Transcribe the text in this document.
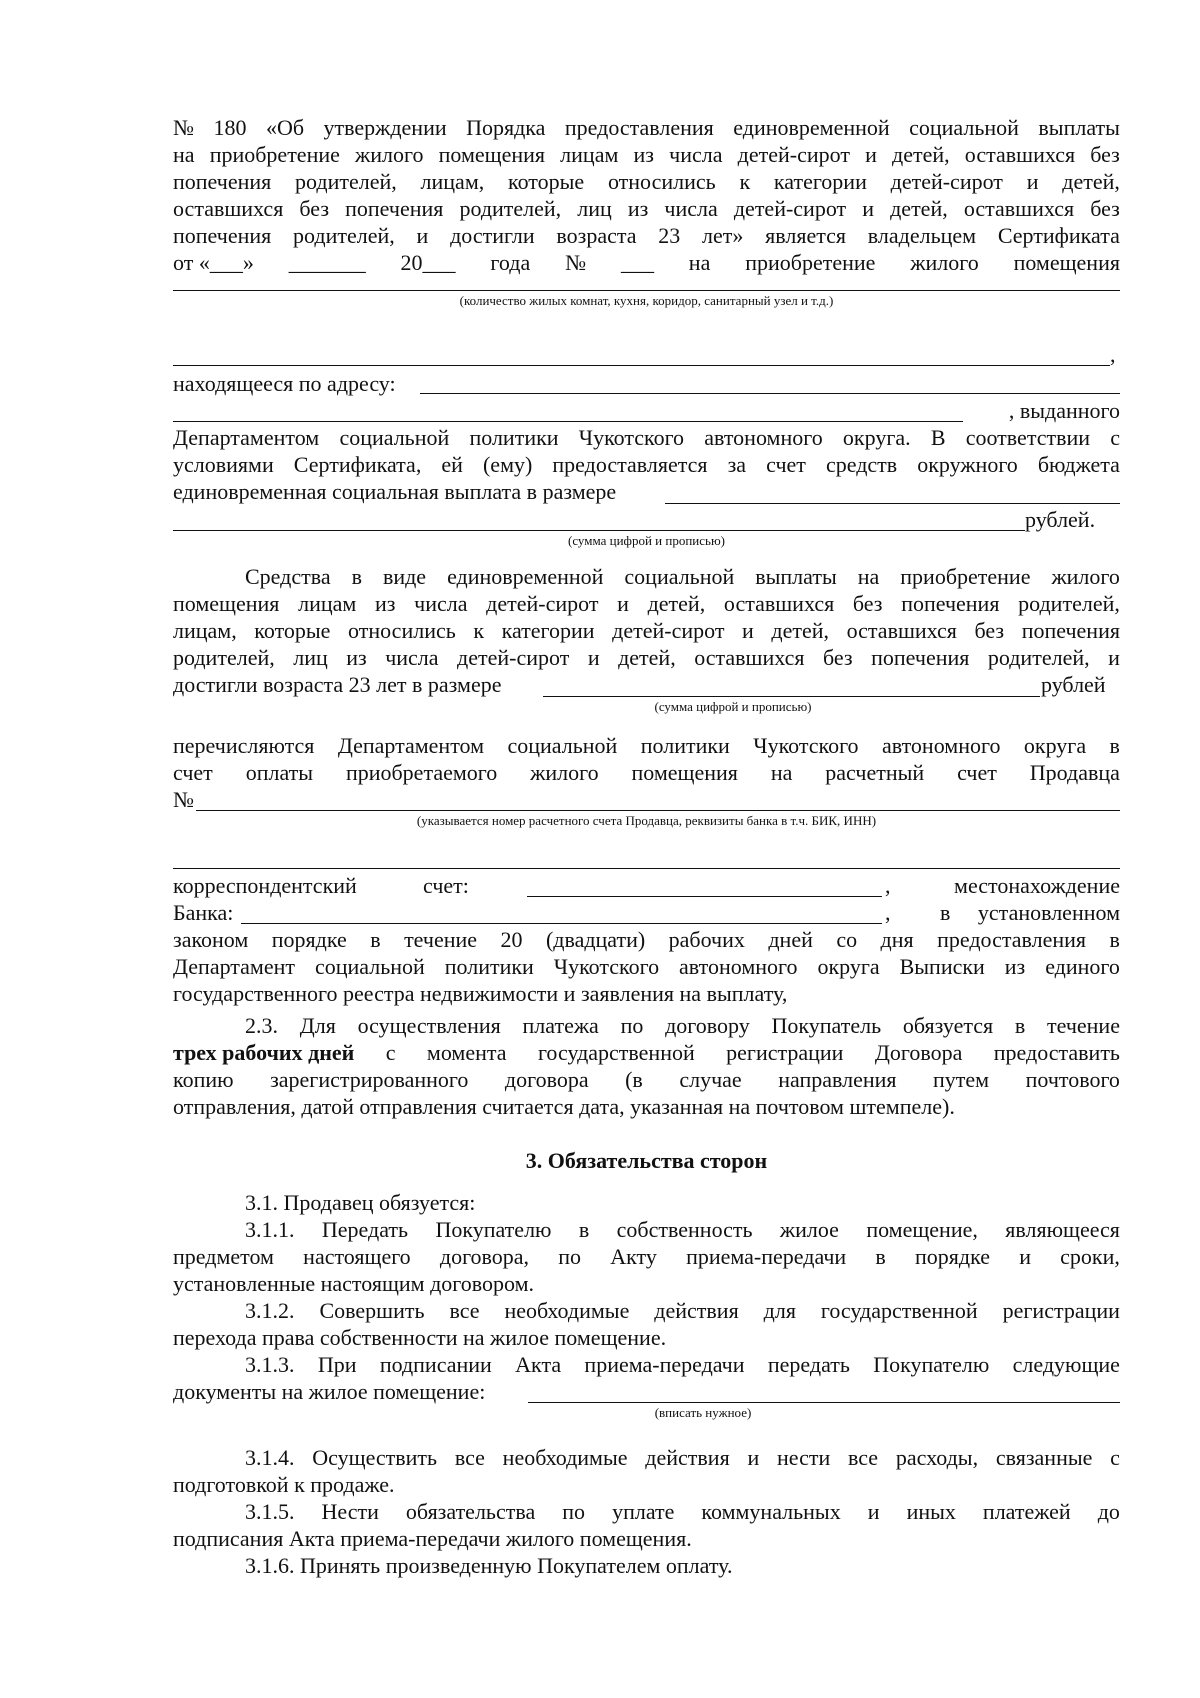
№ 180 «Об утверждении Порядка предоставления единовременной социальной выплаты
на приобретение жилого помещения лицам из числа детей-сирот и детей, оставшихся без
попечения родителей, лицам, которые относились к категории детей-сирот и детей,
оставшихся без попечения родителей, лиц из числа детей-сирот и детей, оставшихся без
попечения родителей, и достигли возраста 23 лет» является владельцем Сертификата
от «___» _______ 20___ года № ___ на приобретение жилого помещения
(количество жилых комнат, кухня, коридор, санитарный узел и т.д.)
,
находящееся по адресу:
, выданного
Департаментом социальной политики Чукотского автономного округа. В соответствии с
условиями Сертификата, ей (ему) предоставляется за счет средств окружного бюджета
единовременная социальная выплата в размере
рублей.
(сумма цифрой и прописью)
Средства в виде единовременной социальной выплаты на приобретение жилого
помещения лицам из числа детей-сирот и детей, оставшихся без попечения родителей,
лицам, которые относились к категории детей-сирот и детей, оставшихся без попечения
родителей, лиц из числа детей-сирот и детей, оставшихся без попечения родителей, и
достигли возраста 23 лет в размере	рублей
(сумма цифрой и прописью)
перечисляются Департаментом социальной политики Чукотского автономного округа в
счет оплаты приобретаемого жилого помещения на расчетный счет Продавца
№
(указывается номер расчетного счета Продавца, реквизиты банка в т.ч. БИК, ИНН)
корреспондентский	счет:	,	местонахождение
Банка:	, в	установленном
законом порядке в течение 20 (двадцати) рабочих дней со дня предоставления в
Департамент социальной политики Чукотского автономного округа Выписки из единого
государственного реестра недвижимости и заявления на выплату,
2.3. Для осуществления платежа по договору Покупатель обязуется в течение
трех рабочих дней с момента государственной регистрации Договора предоставить
копию зарегистрированного договора (в случае направления путем почтового
отправления, датой отправления считается дата, указанная на почтовом штемпеле).
3. Обязательства сторон
3.1. Продавец обязуется:
3.1.1. Передать Покупателю в собственность жилое помещение, являющееся
предметом настоящего договора, по Акту приема-передачи в порядке и сроки,
установленные настоящим договором.
3.1.2. Совершить все необходимые действия для государственной регистрации
перехода права собственности на жилое помещение.
3.1.3. При подписании Акта приема-передачи передать Покупателю следующие
документы на жилое помещение:
(вписать нужное)
3.1.4. Осуществить все необходимые действия и нести все расходы, связанные с
подготовкой к продаже.
3.1.5. Нести обязательства по уплате коммунальных и иных платежей до
подписания Акта приема-передачи жилого помещения.
3.1.6. Принять произведенную Покупателем оплату.
